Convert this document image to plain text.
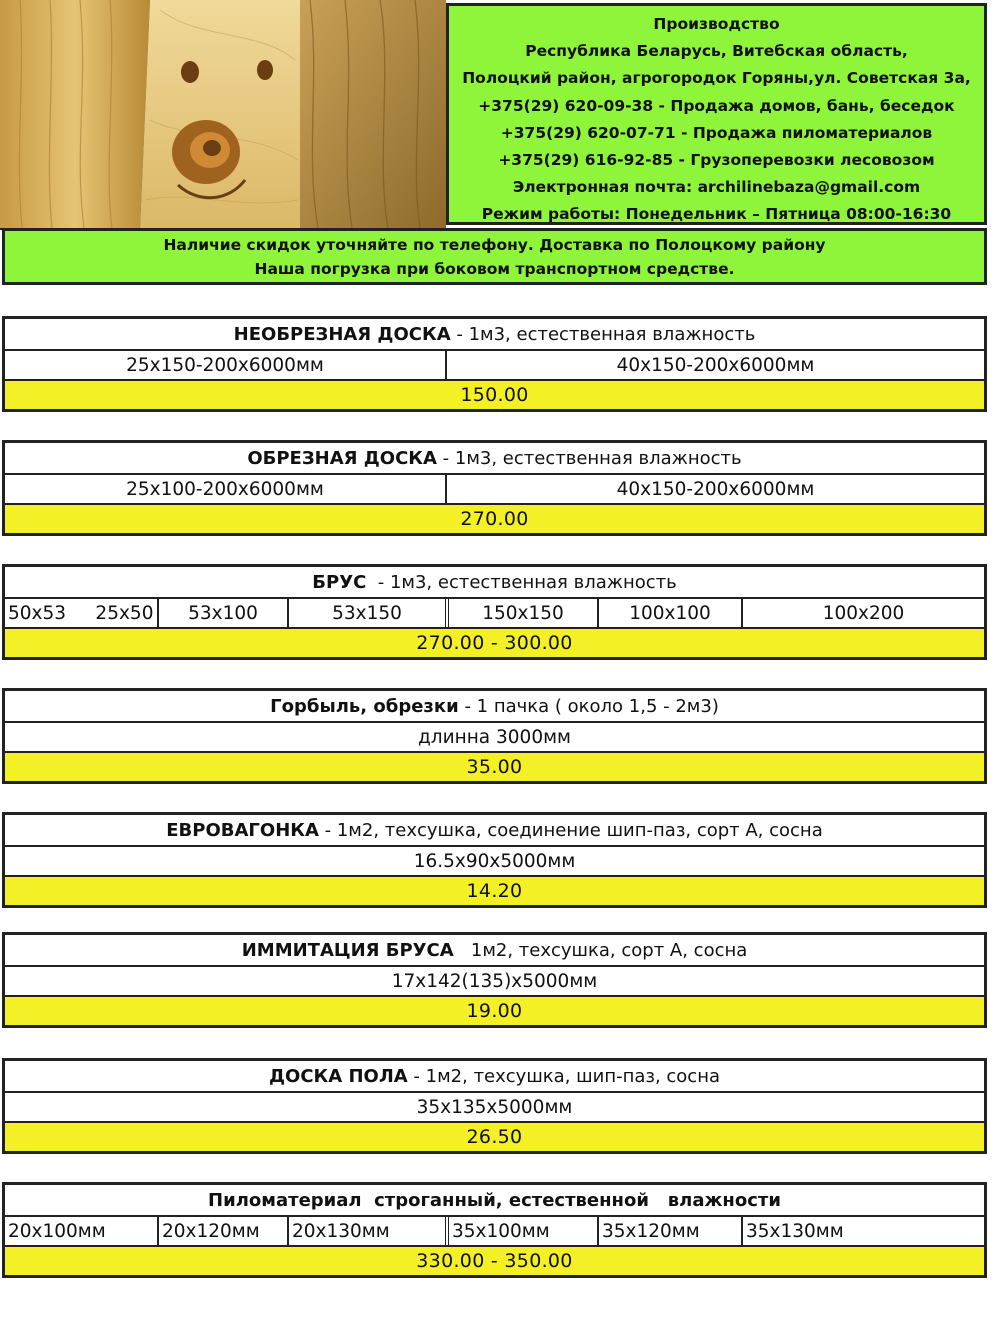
Производство
Республика Беларусь, Витебская область,
Полоцкий район, агрогородок Горяны,ул. Советская 3а,
+375(29) 620-09-38 - Продажа домов, бань, беседок
+375(29) 620-07-71 - Продажа пиломатериалов
+375(29) 616-92-85 - Грузоперевозки лесовозом
Электронная почта: archilinebaza@gmail.com
Режим работы: Понедельник – Пятница 08:00-16:30
Наличие скидок уточняйте по телефону. Доставка по Полоцкому району
Наша погрузка при боковом транспортном средстве.
НЕОБРЕЗНАЯ ДОСКА - 1м3, естественная влажность
25х150-200х6000мм	40х150-200х6000мм
150.00
ОБРЕЗНАЯ ДОСКА - 1м3, естественная влажность
25х100-200х6000мм	40х150-200х6000мм
270.00
БРУС - 1м3, естественная влажность
50х53     25х50	53х100	53х150	150х150	100х100	100х200
270.00 - 300.00
Горбыль, обрезки - 1 пачка ( около 1,5 - 2м3)
длинна 3000мм
35.00
ЕВРОВАГОНКА - 1м2, техсушка, соединение шип-паз, сорт А, сосна
16.5х90х5000мм
14.20
ИММИТАЦИЯ БРУСА 1м2, техсушка, сорт А, сосна
17х142(135)х5000мм
19.00
ДОСКА ПОЛА - 1м2, техсушка, шип-паз, сосна
35х135х5000мм
26.50
Пиломатериал  строганный, естественной   влажности
20х100мм	20х120мм	20х130мм	35х100мм	35х120мм	35х130мм
330.00 - 350.00
